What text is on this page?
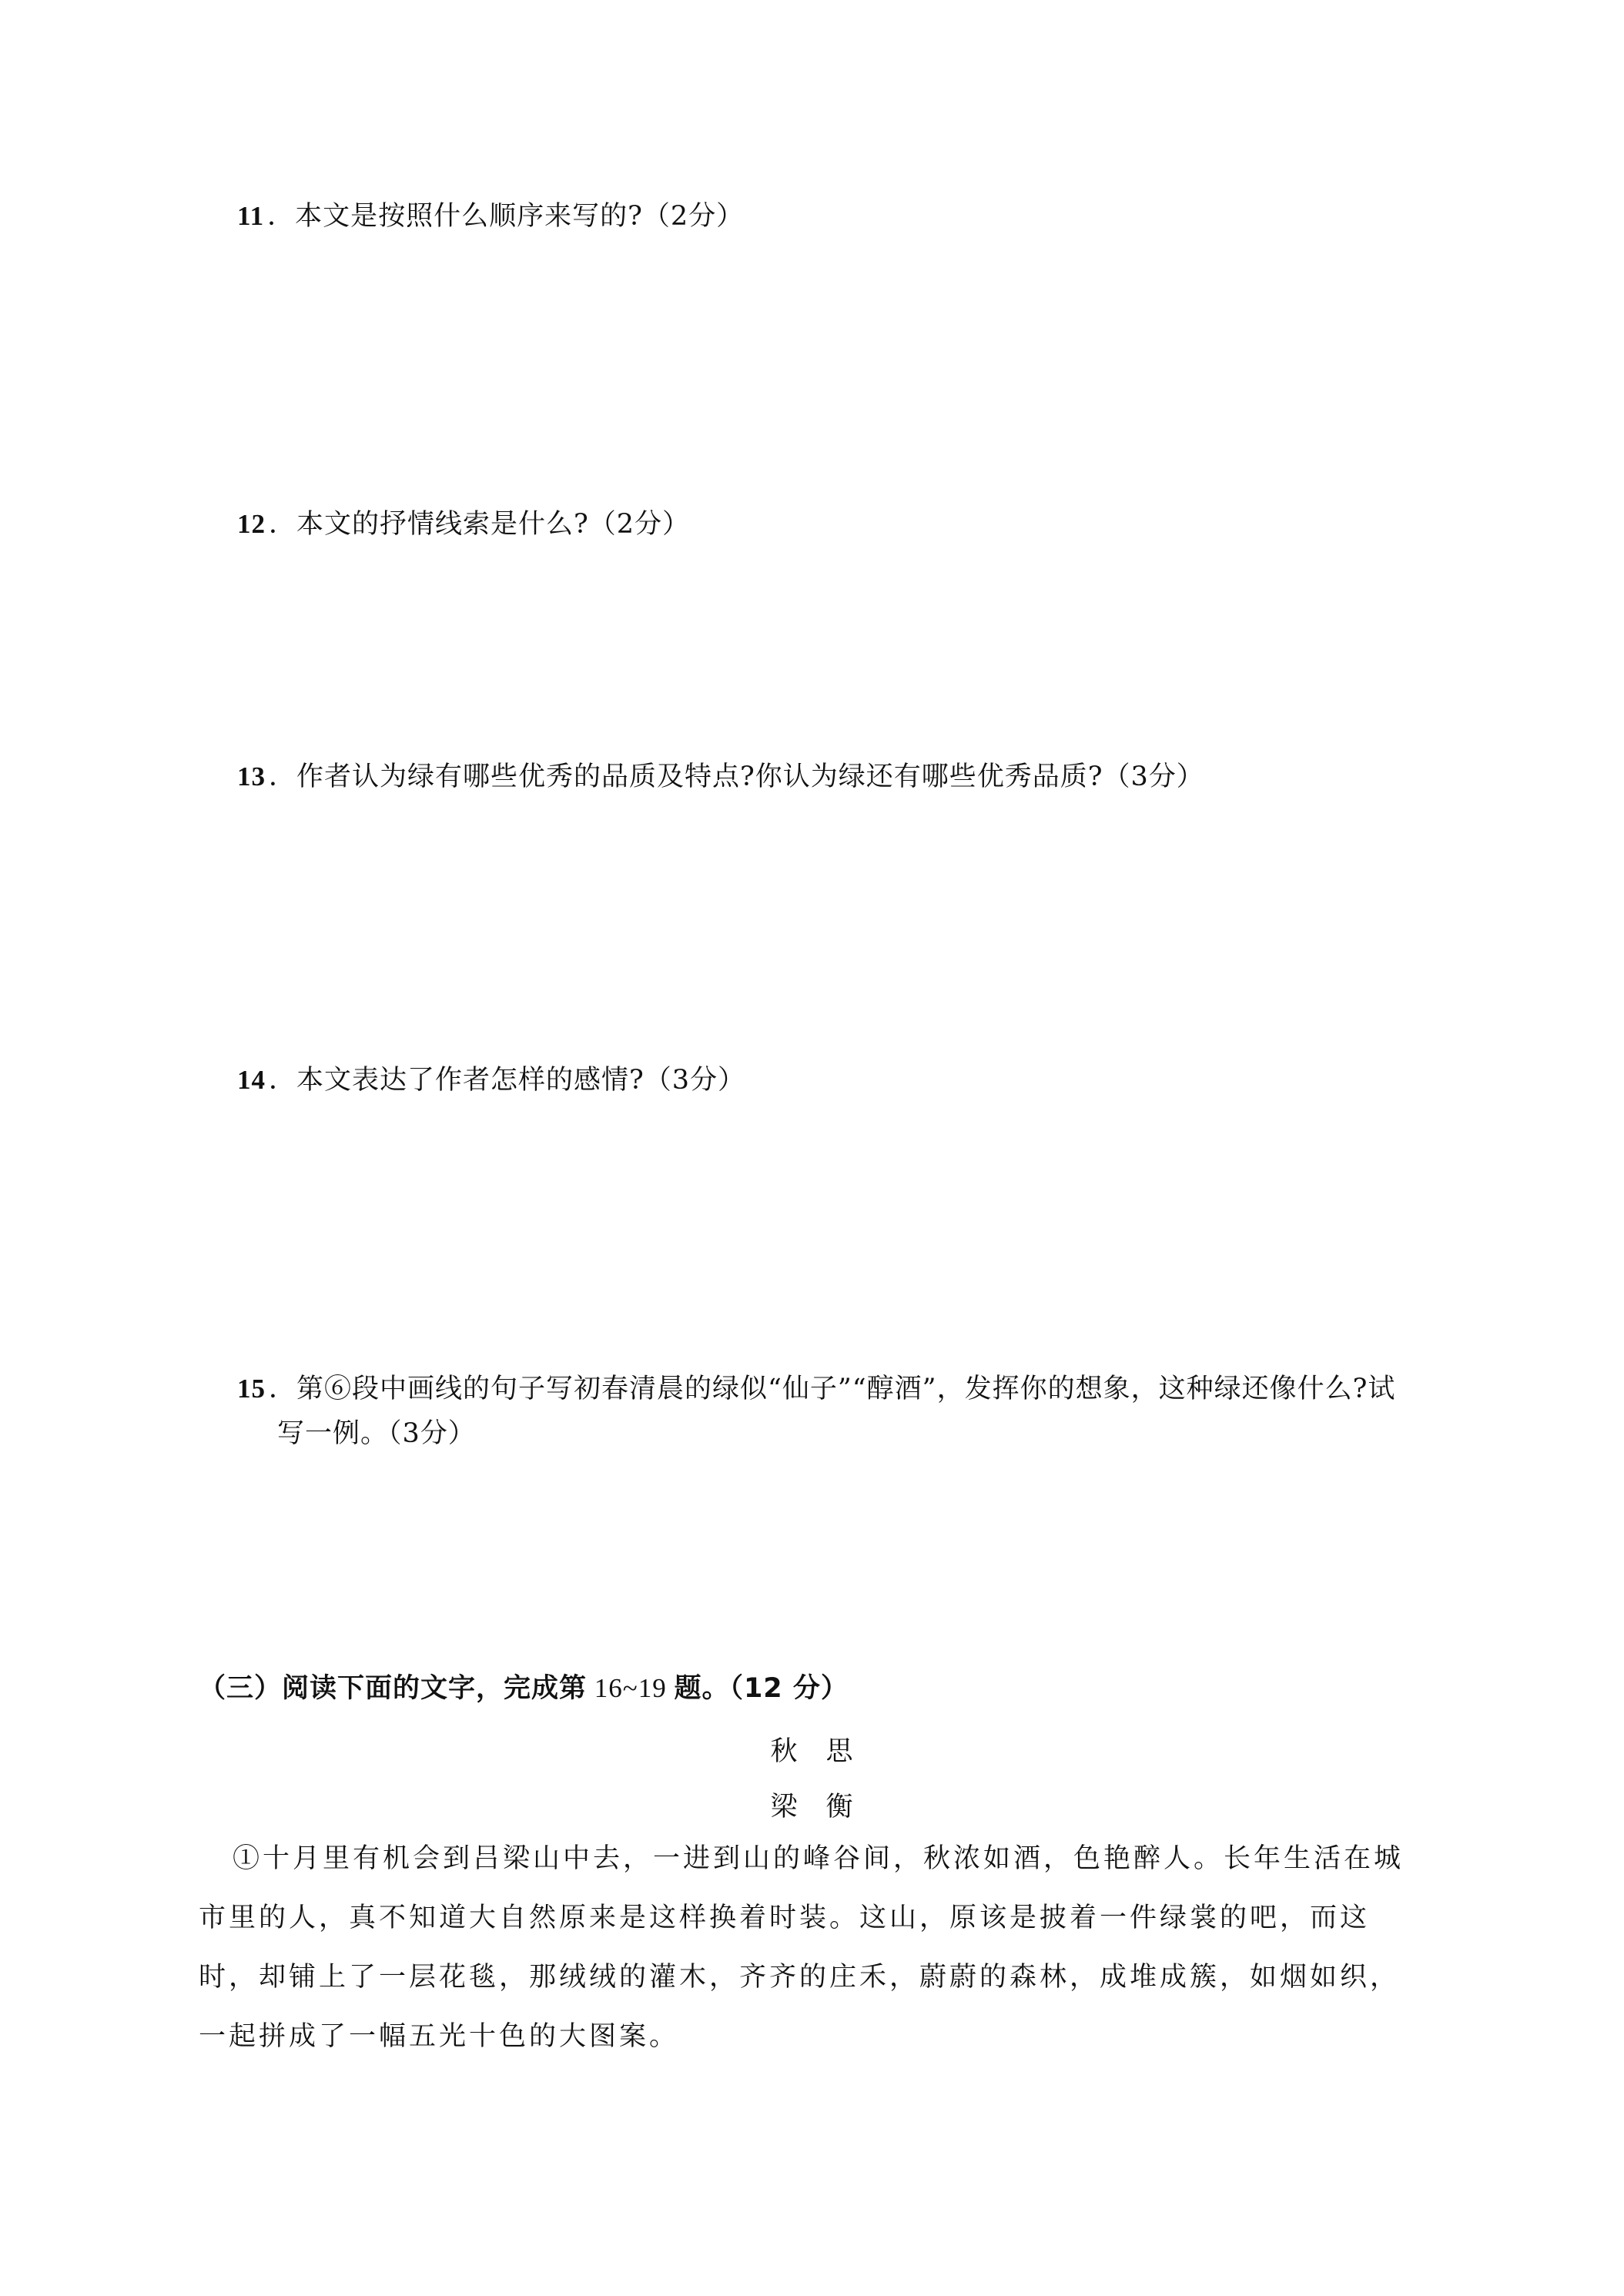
11 ．本文是按照什么顺序来写的?（2分）
12 ．本文的抒情线索是什么?（2分）
13 ．作者认为绿有哪些优秀的品质及特点?你认为绿还有哪些优秀品质?（3分）
14 ．本文表达了作者怎样的感情?（3分）
15 ．第⑥段中画线的句子写初春清晨的绿似“仙子”“醇酒”，发挥你的想象，这种绿还像什么?试
写一例。（3分）
（三）阅读下面的文字，完成第 16~19 题。（12 分）
秋　思
梁　衡
①十月里有机会到吕梁山中去，一进到山的峰谷间，秋浓如酒，色艳醉人。长年生活在城市里的人，真不知道大自然原来是这样换着时装。这山，原该是披着一件绿裳的吧，而这时，却铺上了一层花毯，那绒绒的灌木，齐齐的庄禾，蔚蔚的森林，成堆成簇，如烟如织，一起拼成了一幅五光十色的大图案。
